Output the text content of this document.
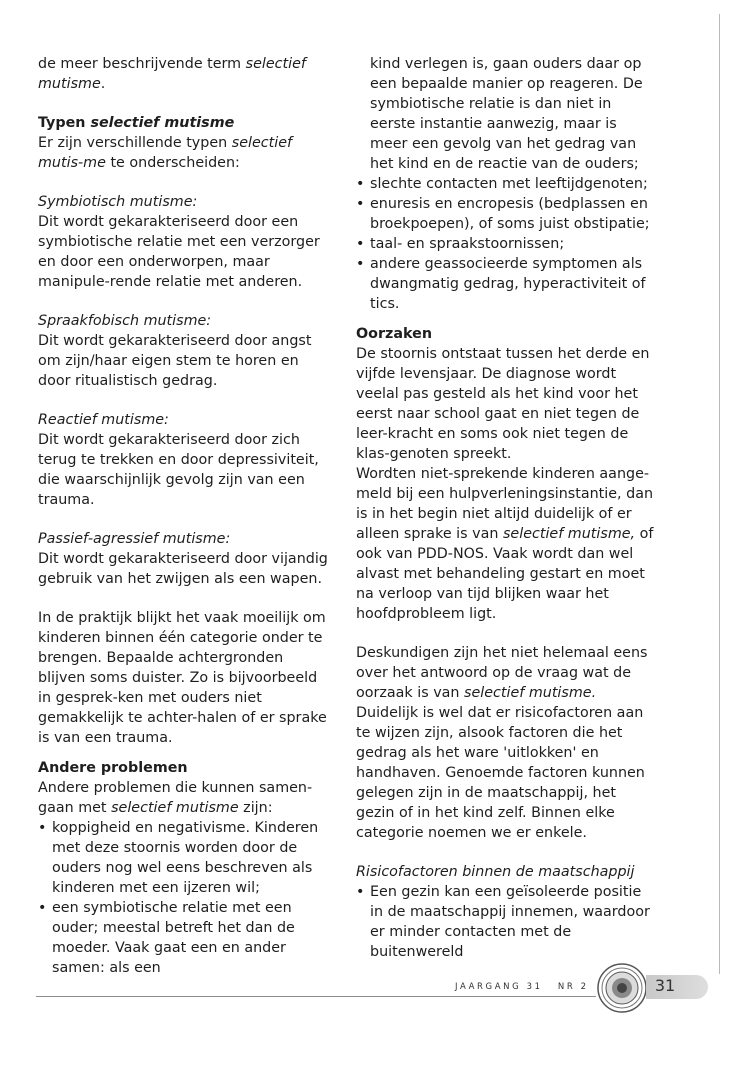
de meer beschrijvende term selectief mutisme.

Typen selectief mutisme

Er zijn verschillende typen selectief mutis-me te onderscheiden:

Symbiotisch mutisme:

Dit wordt gekarakteriseerd door een symbiotische relatie met een verzorger en door een onderworpen, maar manipule-rende relatie met anderen.

Spraakfobisch mutisme:

Dit wordt gekarakteriseerd door angst om zijn/haar eigen stem te horen en door ritualistisch gedrag.

Reactief mutisme:

Dit wordt gekarakteriseerd door zich terug te trekken en door depressiviteit, die waarschijnlijk gevolg zijn van een trauma.

Passief-agressief mutisme:

Dit wordt gekarakteriseerd door vijandig gebruik van het zwijgen als een wapen.

In de praktijk blijkt het vaak moeilijk om kinderen binnen één categorie onder te brengen. Bepaalde achtergronden blijven soms duister. Zo is bijvoorbeeld in gesprek-ken met ouders niet gemakkelijk te achter-halen of er sprake is van een trauma.

Andere problemen

Andere problemen die kunnen samen-gaan met selectief mutisme zijn:

• koppigheid en negativisme. Kinderen met deze stoornis worden door de ouders nog wel eens beschreven als kinderen met een ijzeren wil;
• een symbiotische relatie met een ouder; meestal betreft het dan de moeder. Vaak gaat een en ander samen: als een

kind verlegen is, gaan ouders daar op een bepaalde manier op reageren. De symbiotische relatie is dan niet in eerste instantie aanwezig, maar is meer een gevolg van het gedrag van het kind en de reactie van de ouders;

• slechte contacten met leeftijdgenoten;
• enuresis en encropesis (bedplassen en broekpoepen), of soms juist obstipatie;
• taal- en spraakstoornissen;
• andere geassocieerde symptomen als dwangmatig gedrag, hyperactiviteit of tics.

Oorzaken

De stoornis ontstaat tussen het derde en vijfde levensjaar. De diagnose wordt veelal pas gesteld als het kind voor het eerst naar school gaat en niet tegen de leer-kracht en soms ook niet tegen de klas-genoten spreekt.

Wordten niet-sprekende kinderen aange-meld bij een hulpverleningsinstantie, dan is in het begin niet altijd duidelijk of er alleen sprake is van selectief mutisme, of ook van PDD-NOS. Vaak wordt dan wel alvast met behandeling gestart en moet na verloop van tijd blijken waar het hoofdprobleem ligt.

Deskundigen zijn het niet helemaal eens over het antwoord op de vraag wat de oorzaak is van selectief mutisme. Duidelijk is wel dat er risicofactoren aan te wijzen zijn, alsook factoren die het gedrag als het ware 'uitlokken' en handhaven. Genoemde factoren kunnen gelegen zijn in de maatschappij, het gezin of in het kind zelf. Binnen elke categorie noemen we er enkele.

Risicofactoren binnen de maatschappij

• Een gezin kan een geïsoleerde positie in de maatschappij innemen, waardoor er minder contacten met de buitenwereld
JAARGANG 31 NR 2	31
